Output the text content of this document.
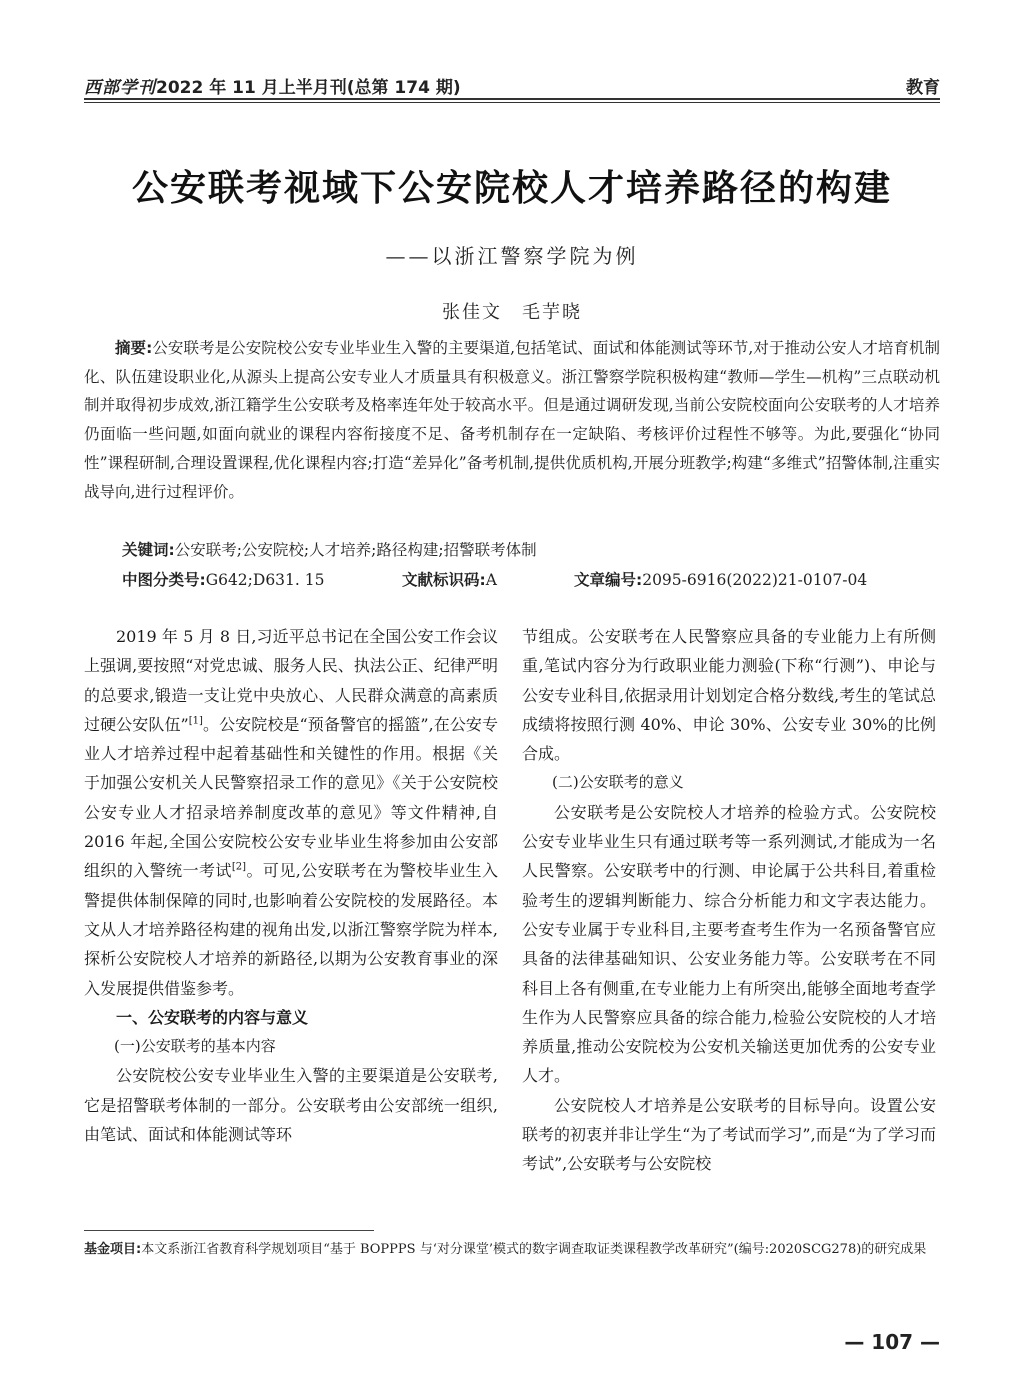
西部学刊2022 年 11 月上半月刊(总第 174 期)	教育
公安联考视域下公安院校人才培养路径的构建
——以浙江警察学院为例
张佳文　毛芋晓

摘要:公安联考是公安院校公安专业毕业生入警的主要渠道,包括笔试、面试和体能测试等环节,对于推动公安人才培育机制化、队伍建设职业化,从源头上提高公安专业人才质量具有积极意义。浙江警察学院积极构建“教师—学生—机构”三点联动机制并取得初步成效,浙江籍学生公安联考及格率连年处于较高水平。但是通过调研发现,当前公安院校面向公安联考的人才培养仍面临一些问题,如面向就业的课程内容衔接度不足、备考机制存在一定缺陷、考核评价过程性不够等。为此,要强化“协同性”课程研制,合理设置课程,优化课程内容;打造“差异化”备考机制,提供优质机构,开展分班教学;构建“多维式”招警体制,注重实战导向,进行过程评价。

关键词:公安联考;公安院校;人才培养;路径构建;招警联考体制
中图分类号:G642;D631. 15	文献标识码:A	文章编号:2095-6916(2022)21-0107-04

2019 年 5 月 8 日,习近平总书记在全国公安工作会议上强调,要按照“对党忠诚、服务人民、执法公正、纪律严明的总要求,锻造一支让党中央放心、人民群众满意的高素质过硬公安队伍”[1]。公安院校是“预备警官的摇篮”,在公安专业人才培养过程中起着基础性和关键性的作用。根据《关于加强公安机关人民警察招录工作的意见》《关于公安院校公安专业人才招录培养制度改革的意见》等文件精神,自 2016 年起,全国公安院校公安专业毕业生将参加由公安部组织的入警统一考试[2]。可见,公安联考在为警校毕业生入警提供体制保障的同时,也影响着公安院校的发展路径。本文从人才培养路径构建的视角出发,以浙江警察学院为样本,探析公安院校人才培养的新路径,以期为公安教育事业的深入发展提供借鉴参考。

一、公安联考的内容与意义

(一)公安联考的基本内容

公安院校公安专业毕业生入警的主要渠道是公安联考,它是招警联考体制的一部分。公安联考由公安部统一组织,由笔试、面试和体能测试等环

节组成。公安联考在人民警察应具备的专业能力上有所侧重,笔试内容分为行政职业能力测验(下称“行测”)、申论与公安专业科目,依据录用计划划定合格分数线,考生的笔试总成绩将按照行测 40%、申论 30%、公安专业 30%的比例合成。

(二)公安联考的意义

公安联考是公安院校人才培养的检验方式。公安院校公安专业毕业生只有通过联考等一系列测试,才能成为一名人民警察。公安联考中的行测、申论属于公共科目,着重检验考生的逻辑判断能力、综合分析能力和文字表达能力。公安专业属于专业科目,主要考查考生作为一名预备警官应具备的法律基础知识、公安业务能力等。公安联考在不同科目上各有侧重,在专业能力上有所突出,能够全面地考查学生作为人民警察应具备的综合能力,检验公安院校的人才培养质量,推动公安院校为公安机关输送更加优秀的公安专业人才。

公安院校人才培养是公安联考的目标导向。设置公安联考的初衷并非让学生“为了考试而学习”,而是“为了学习而考试”,公安联考与公安院校

基金项目:本文系浙江省教育科学规划项目“基于 BOPPPS 与‘对分课堂’模式的数字调查取证类课程教学改革研究”(编号:2020SCG278)的研究成果
— 107 —
